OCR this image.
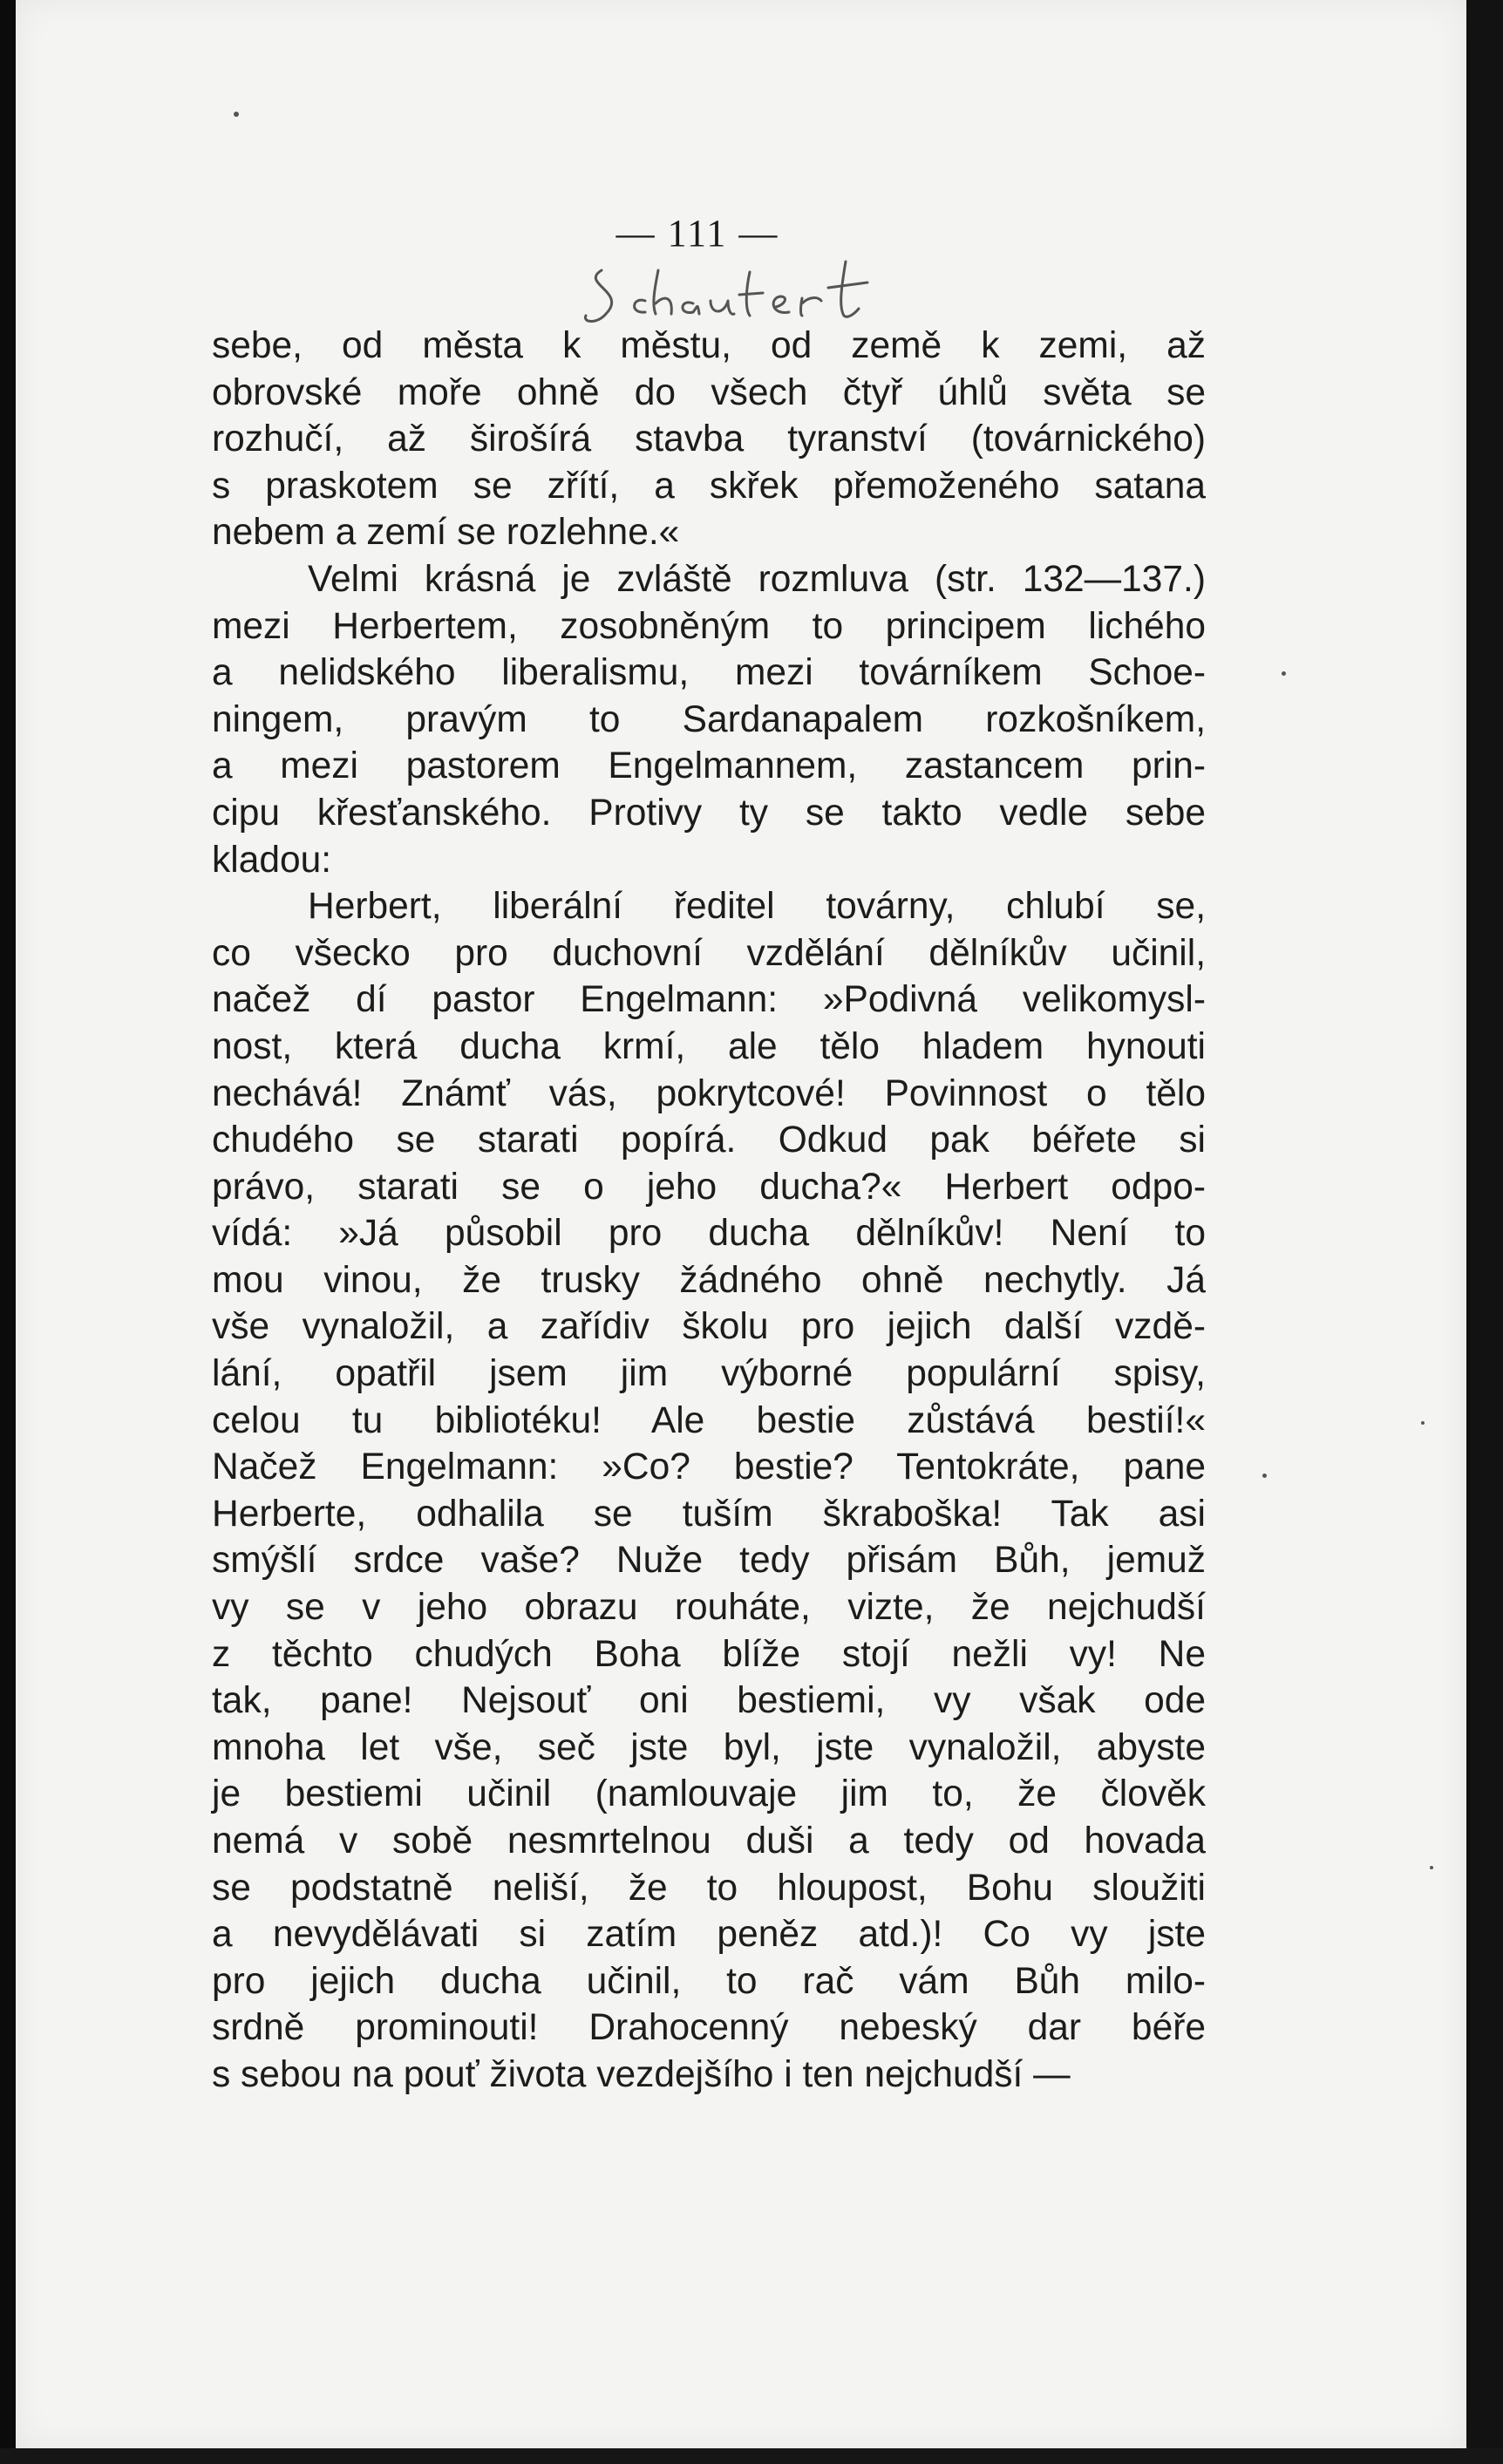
— 111 —
sebe, od města k městu, od země k zemi, až
obrovské moře ohně do všech čtyř úhlů světa se
rozhučí, až širošírá stavba tyranství (továrnického)
s praskotem se zřítí, a skřek přemoženého satana
nebem a zemí se rozlehne.«
Velmi krásná je zvláště rozmluva (str. 132—137.)
mezi Herbertem, zosobněným to principem lichého
a nelidského liberalismu, mezi továrníkem Schoe-
ningem, pravým to Sardanapalem rozkošníkem,
a mezi pastorem Engelmannem, zastancem prin-
cipu křesťanského. Protivy ty se takto vedle sebe
kladou:
Herbert, liberální ředitel továrny, chlubí se,
co všecko pro duchovní vzdělání dělníkův učinil,
načež dí pastor Engelmann: »Podivná velikomysl-
nost, která ducha krmí, ale tělo hladem hynouti
nechává! Známť vás, pokrytcové! Povinnost o tělo
chudého se starati popírá. Odkud pak béřete si
právo, starati se o jeho ducha?« Herbert odpo-
vídá: »Já působil pro ducha dělníkův! Není to
mou vinou, že trusky žádného ohně nechytly. Já
vše vynaložil, a zařídiv školu pro jejich další vzdě-
lání, opatřil jsem jim výborné populární spisy,
celou tu bibliotéku! Ale bestie zůstává bestií!«
Načež Engelmann: »Co? bestie? Tentokráte, pane
Herberte, odhalila se tuším škraboška! Tak asi
smýšlí srdce vaše? Nuže tedy přisám Bůh, jemuž
vy se v jeho obrazu rouháte, vizte, že nejchudší
z těchto chudých Boha blíže stojí nežli vy! Ne
tak, pane! Nejsouť oni bestiemi, vy však ode
mnoha let vše, seč jste byl, jste vynaložil, abyste
je bestiemi učinil (namlouvaje jim to, že člověk
nemá v sobě nesmrtelnou duši a tedy od hovada
se podstatně neliší, že to hloupost, Bohu sloužiti
a nevydělávati si zatím peněz atd.)! Co vy jste
pro jejich ducha učinil, to rač vám Bůh milo-
srdně prominouti! Drahocenný nebeský dar béře
s sebou na pouť života vezdejšího i ten nejchudší —
